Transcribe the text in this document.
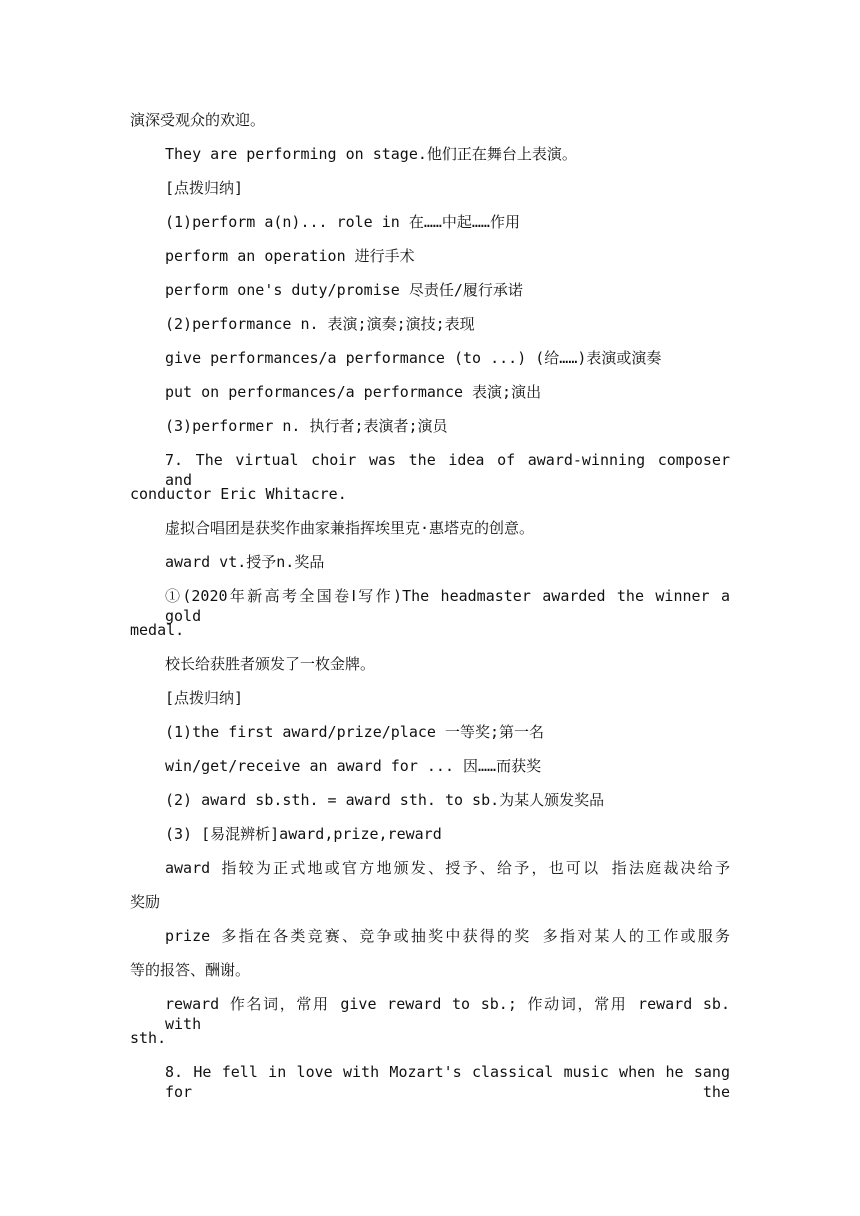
演深受观众的欢迎。
They are performing on stage.他们正在舞台上表演。
[点拨归纳]
(1)perform a(n)... role in 在……中起……作用
perform an operation 进行手术
perform one's duty/promise 尽责任/履行承诺
(2)performance n. 表演;演奏;演技;表现
give performances/a performance (to ...) (给……)表演或演奏
put on performances/a performance 表演;演出
(3)performer n. 执行者;表演者;演员
7. The virtual choir was the idea of award-winning composer and
conductor Eric Whitacre.
虚拟合唱团是获奖作曲家兼指挥埃里克·惠塔克的创意。
award vt.授予n.奖品
①(2020年新高考全国卷Ⅰ写作)The headmaster awarded the winner a gold
medal.
校长给获胜者颁发了一枚金牌。
[点拨归纳]
(1)the first award/prize/place 一等奖;第一名
win/get/receive an award for ... 因……而获奖
(2) award sb.sth. = award sth. to sb.为某人颁发奖品
(3) [易混辨析]award,prize,reward
award 指较为正式地或官方地颁发、授予、给予，也可以 指法庭裁决给予
奖励
prize 多指在各类竞赛、竞争或抽奖中获得的奖 多指对某人的工作或服务
等的报答、酬谢。
reward 作名词，常用 give reward to sb.; 作动词，常用 reward sb. with
sth.
8. He fell in love with Mozart's classical music when he sang for the
